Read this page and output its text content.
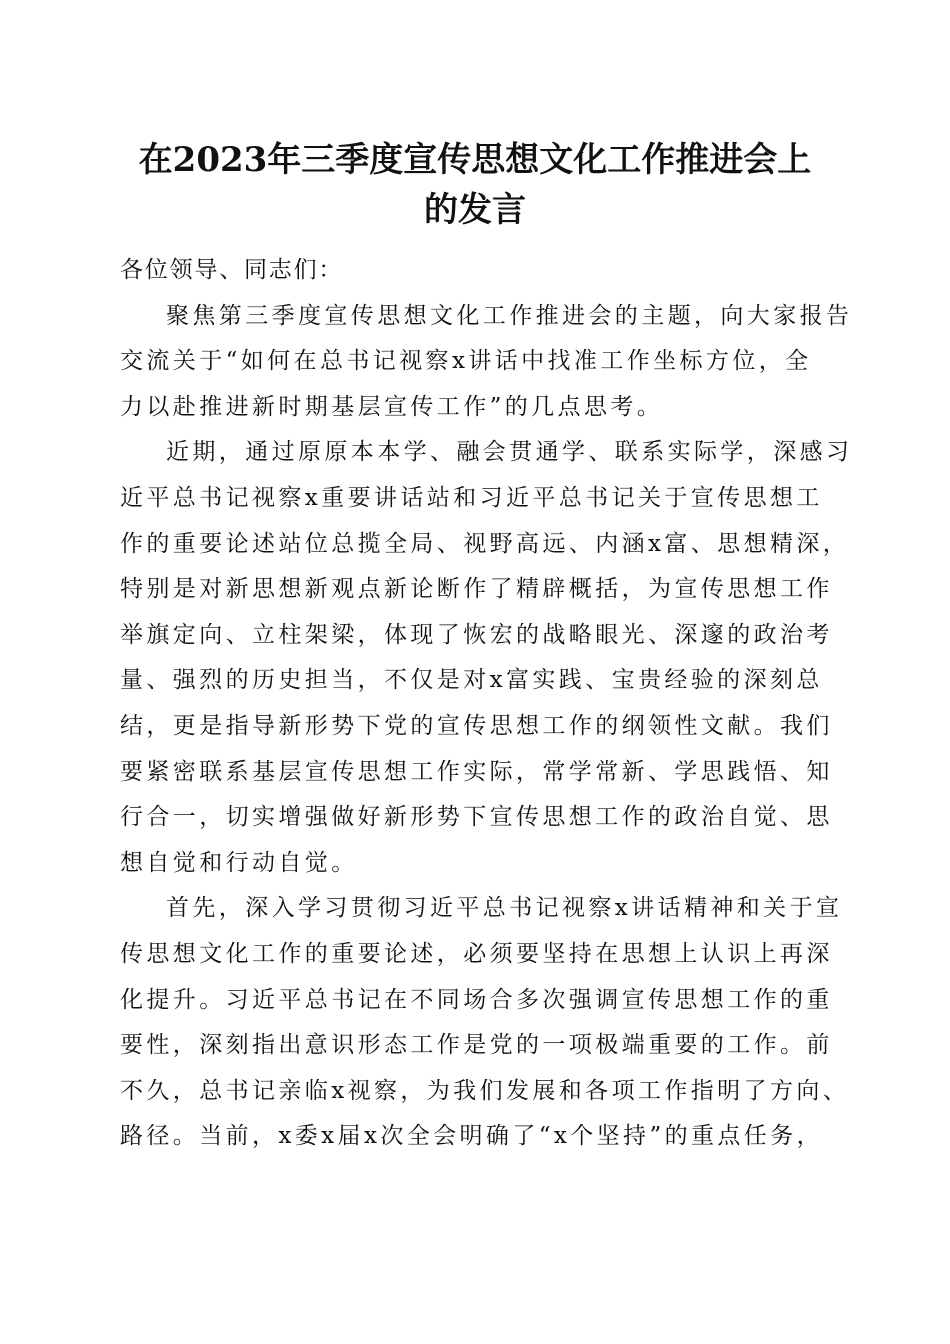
在2023年三季度宣传思想文化工作推进会上
的发言

各位领导、同志们：

聚焦第三季度宣传思想文化工作推进会的主题，向大家报告
交流关于“如何在总书记视察x讲话中找准工作坐标方位，全
力以赴推进新时期基层宣传工作”的几点思考。

近期，通过原原本本学、融会贯通学、联系实际学，深感习
近平总书记视察x重要讲话站和习近平总书记关于宣传思想工
作的重要论述站位总揽全局、视野高远、内涵x富、思想精深，
特别是对新思想新观点新论断作了精辟概括，为宣传思想工作
举旗定向、立柱架梁，体现了恢宏的战略眼光、深邃的政治考
量、强烈的历史担当，不仅是对x富实践、宝贵经验的深刻总
结，更是指导新形势下党的宣传思想工作的纲领性文献。我们
要紧密联系基层宣传思想工作实际，常学常新、学思践悟、知
行合一，切实增强做好新形势下宣传思想工作的政治自觉、思
想自觉和行动自觉。

首先，深入学习贯彻习近平总书记视察x讲话精神和关于宣
传思想文化工作的重要论述，必须要坚持在思想上认识上再深
化提升。习近平总书记在不同场合多次强调宣传思想工作的重
要性，深刻指出意识形态工作是党的一项极端重要的工作。前
不久，总书记亲临x视察，为我们发展和各项工作指明了方向、
路径。当前，x委x届x次全会明确了“x个坚持”的重点任务，
